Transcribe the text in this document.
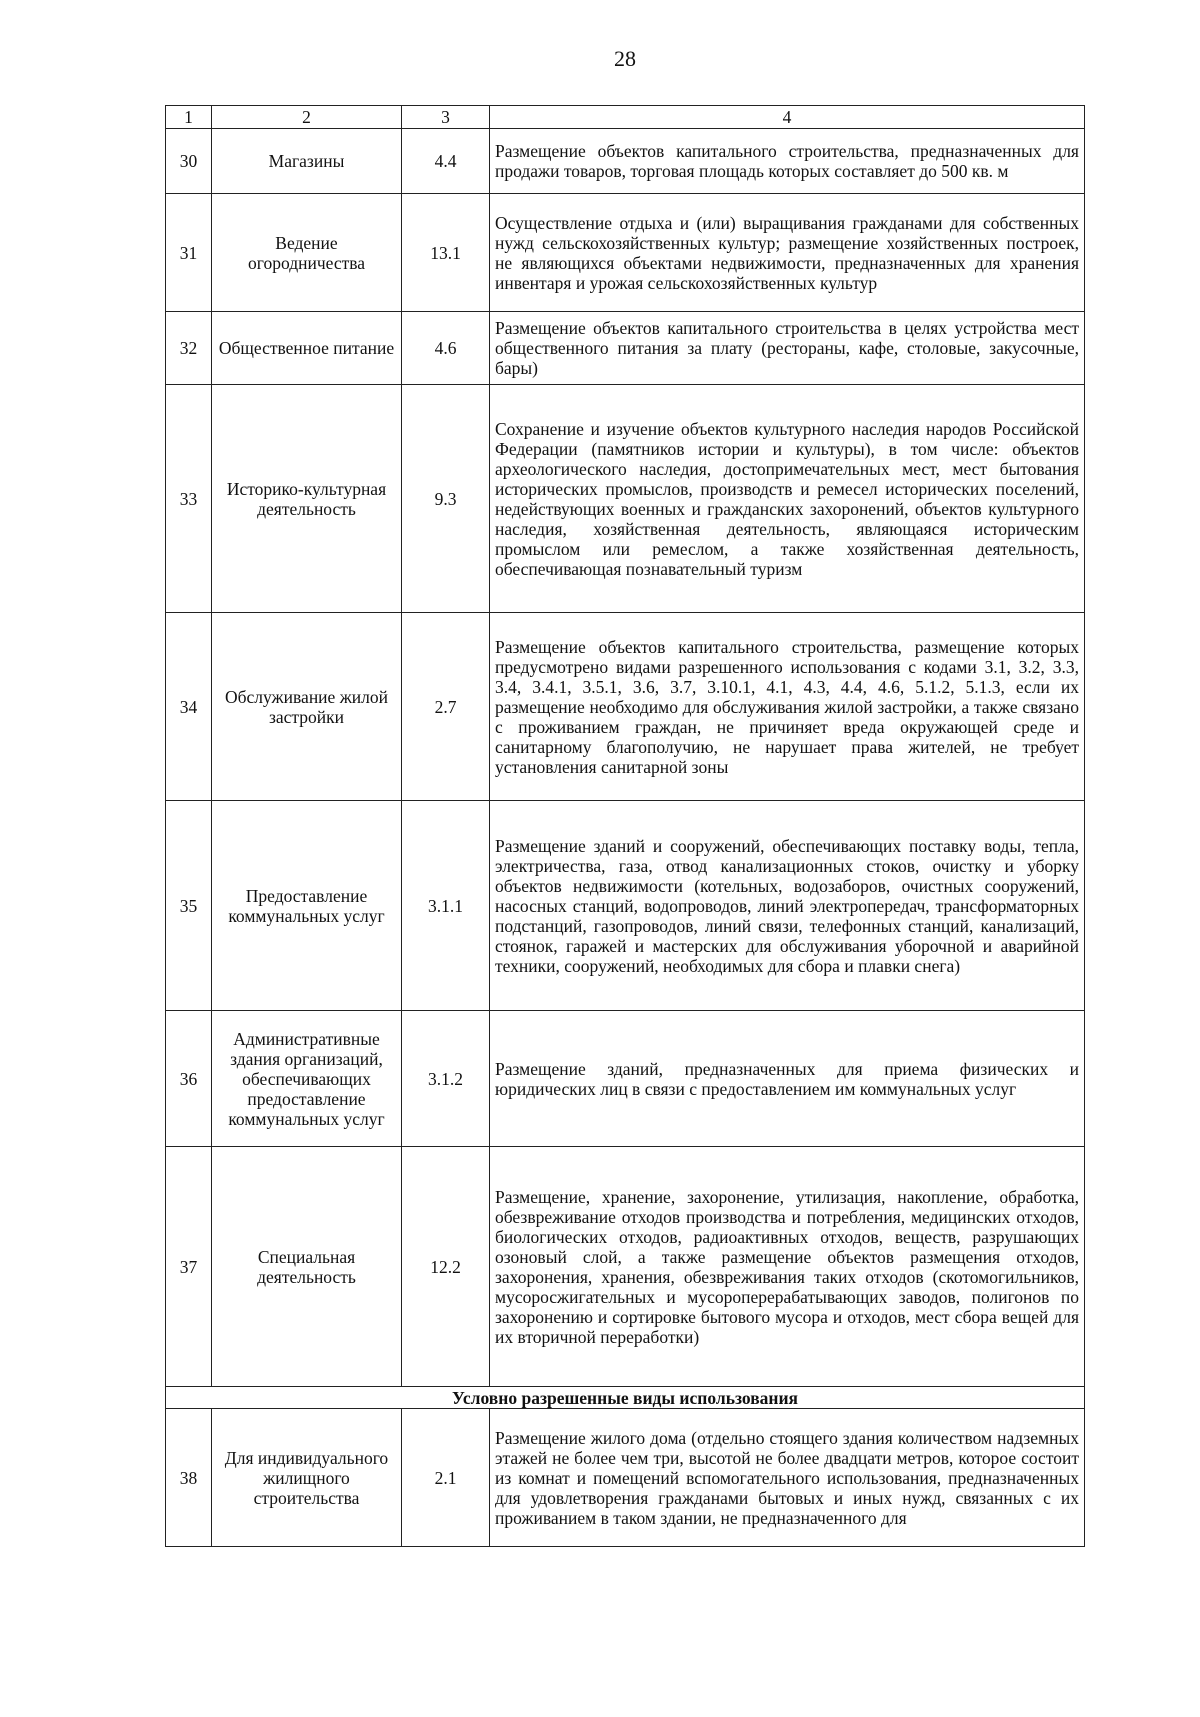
28
1	2	3	4
30	Магазины	4.4	Размещение объектов капитального строительства, предназначенных для продажи товаров, торговая площадь которых составляет до 500 кв. м
31	Ведение огородничества	13.1	Осуществление отдыха и (или) выращивания гражданами для собственных нужд сельскохозяйственных культур; размещение хозяйственных построек, не являющихся объектами недвижимости, предназначенных для хранения инвентаря и урожая сельскохозяйственных культур
32	Общественное питание	4.6	Размещение объектов капитального строительства в целях устройства мест общественного питания за плату (рестораны, кафе, столовые, закусочные, бары)
33	Историко-культурная деятельность	9.3	Сохранение и изучение объектов культурного наследия народов Российской Федерации (памятников истории и культуры), в том числе: объектов археологического наследия, достопримечательных мест, мест бытования исторических промыслов, производств и ремесел исторических поселений, недействующих военных и гражданских захоронений, объектов культурного наследия, хозяйственная деятельность, являющаяся историческим промыслом или ремеслом, а также хозяйственная деятельность, обеспечивающая познавательный туризм
34	Обслуживание жилой застройки	2.7	Размещение объектов капитального строительства, размещение которых предусмотрено видами разрешенного использования с кодами 3.1, 3.2, 3.3, 3.4, 3.4.1, 3.5.1, 3.6, 3.7, 3.10.1, 4.1, 4.3, 4.4, 4.6, 5.1.2, 5.1.3, если их размещение необходимо для обслуживания жилой застройки, а также связано с проживанием граждан, не причиняет вреда окружающей среде и санитарному благополучию, не нарушает права жителей, не требует установления санитарной зоны
35	Предоставление коммунальных услуг	3.1.1	Размещение зданий и сооружений, обеспечивающих поставку воды, тепла, электричества, газа, отвод канализационных стоков, очистку и уборку объектов недвижимости (котельных, водозаборов, очистных сооружений, насосных станций, водопроводов, линий электропередач, трансформаторных подстанций, газопроводов, линий связи, телефонных станций, канализаций, стоянок, гаражей и мастерских для обслуживания уборочной и аварийной техники, сооружений, необходимых для сбора и плавки снега)
36	Административные здания организаций, обеспечивающих предоставление коммунальных услуг	3.1.2	Размещение зданий, предназначенных для приема физических и юридических лиц в связи с предоставлением им коммунальных услуг
37	Специальная деятельность	12.2	Размещение, хранение, захоронение, утилизация, накопление, обработка, обезвреживание отходов производства и потребления, медицинских отходов, биологических отходов, радиоактивных отходов, веществ, разрушающих озоновый слой, а также размещение объектов размещения отходов, захоронения, хранения, обезвреживания таких отходов (скотомогильников, мусоросжигательных и мусороперерабатывающих заводов, полигонов по захоронению и сортировке бытового мусора и отходов, мест сбора вещей для их вторичной переработки)
Условно разрешенные виды использования			
38	Для индивидуального жилищного строительства	2.1	Размещение жилого дома (отдельно стоящего здания количеством надземных этажей не более чем три, высотой не более двадцати метров, которое состоит из комнат и помещений вспомогательного использования, предназначенных для удовлетворения гражданами бытовых и иных нужд, связанных с их проживанием в таком здании, не предназначенного для
